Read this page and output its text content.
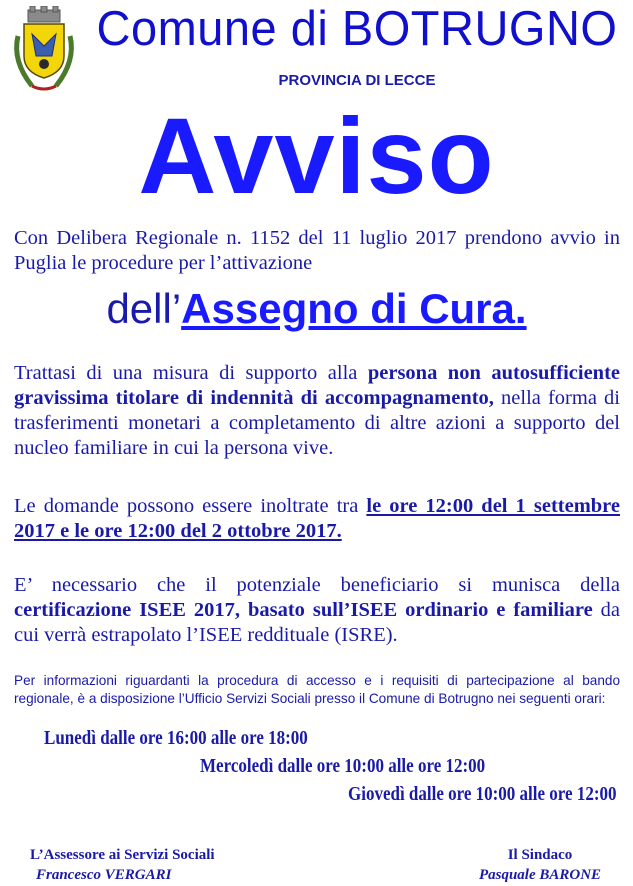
Comune di BOTRUGNO
PROVINCIA DI LECCE
Avviso
Con Delibera Regionale n. 1152 del 11 luglio 2017 prendono avvio in Puglia le procedure per l’attivazione
dell’Assegno di Cura.
Trattasi di una misura di supporto alla persona non autosufficiente gravissima titolare di indennità di accompagnamento, nella forma di trasferimenti monetari a completamento di altre azioni a supporto del nucleo familiare in cui la persona vive.
Le domande possono essere inoltrate tra le ore 12:00 del 1 settembre 2017 e le ore 12:00 del 2 ottobre 2017.
E’ necessario che il potenziale beneficiario si munisca della certificazione ISEE 2017, basato sull’ISEE ordinario e familiare da cui verrà estrapolato l’ISEE reddituale (ISRE).
Per informazioni riguardanti la procedura di accesso e i requisiti di partecipazione al bando regionale, è a disposizione l’Ufficio Servizi Sociali presso il Comune di Botrugno nei seguenti orari:
Lunedì dalle ore 16:00 alle ore 18:00
Mercoledì dalle ore 10:00 alle ore 12:00
Giovedì dalle ore 10:00 alle ore 12:00
L’Assessore ai Servizi Sociali
Francesco VERGARI
Il Sindaco
Pasquale BARONE
